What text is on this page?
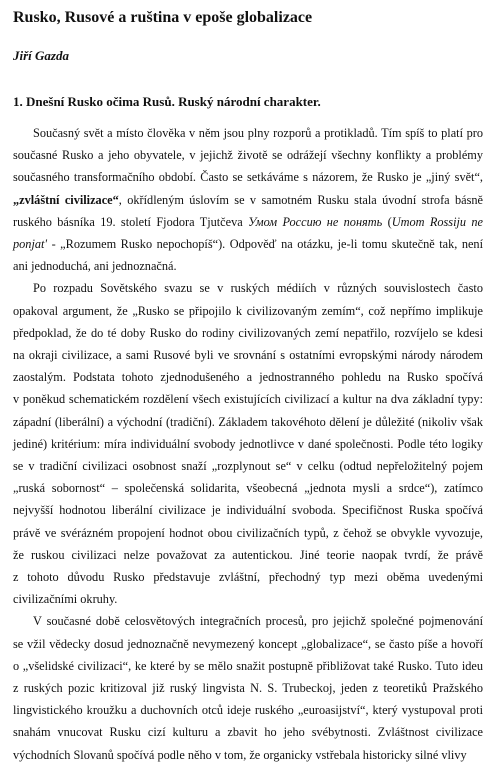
Rusko, Rusové a ruština v epoše globalizace
Jiří Gazda
1. Dnešní Rusko očima Rusů. Ruský národní charakter.
Současný svět a místo člověka v něm jsou plny rozporů a protikladů. Tím spíš to platí pro
současné Rusko a jeho obyvatele, v jejichž životě se odrážejí všechny konflikty a problémy
současného transformačního období. Často se setkáváme s názorem, že Rusko je „jiný svět“,
„zvláštní civilizace“, okřídleným úslovím se v samotném Rusku stala úvodní strofa básně
ruského básníka 19. století Fjodora Tjutčeva Умом Россию не понять (Umom Rossiju ne
ponjat' - „Rozumem Rusko nepochopíš“). Odpověď na otázku, je-li tomu skutečně tak, není
ani jednoduchá, ani jednoznačná.
Po rozpadu Sovětského svazu se v ruských médiích v různých souvislostech často
opakoval argument, že „Rusko se připojilo k civilizovaným zemím“, což nepřímo implikuje
předpoklad, že do té doby Rusko do rodiny civilizovaných zemí nepatřilo, rozvíjelo se kdesi
na okraji civilizace, a sami Rusové byli ve srovnání s ostatními evropskými národy národem
zaostalým. Podstata tohoto zjednodušeného a jednostranného pohledu na Rusko spočívá
v poněkud schematickém rozdělení všech existujících civilizací a kultur na dva základní typy:
západní (liberální) a východní (tradiční). Základem takovéhoto dělení je důležité (nikoliv však
jediné) kritérium: míra individuální svobody jednotlivce v dané společnosti. Podle této logiky
se v tradiční civilizaci osobnost snaží „rozplynout se“ v celku (odtud nepřeložitelný pojem
„ruská sobornost“ – společenská solidarita, všeobecná „jednota mysli a srdce“), zatímco
nejvyšší hodnotou liberální civilizace je individuální svoboda. Specifičnost Ruska spočívá
právě ve svérázném propojení hodnot obou civilizačních typů, z čehož se obvykle vyvozuje,
že ruskou civilizaci nelze považovat za autentickou. Jiné teorie naopak tvrdí, že právě
z tohoto důvodu Rusko představuje zvláštní, přechodný typ mezi oběma uvedenými
civilizačními okruhy.
V současné době celosvětových integračních procesů, pro jejichž společné pojmenování
se vžil vědecky dosud jednoznačně nevymezený koncept „globalizace“, se často píše a hovoří
o „všelidské civilizaci“, ke které by se mělo snažit postupně přibližovat také Rusko. Tuto ideu
z ruských pozic kritizoval již ruský lingvista N. S. Trubeckoj, jeden z teoretiků Pražského
lingvistického kroužku a duchovních otců ideje ruského „euroasijství“, který vystupoval proti
snahám vnucovat Rusku cizí kulturu a zbavit ho jeho svébytnosti. Zvláštnost civilizace
východních Slovanů spočívá podle něho v tom, že organicky vstřebala historicky silné vlivy
